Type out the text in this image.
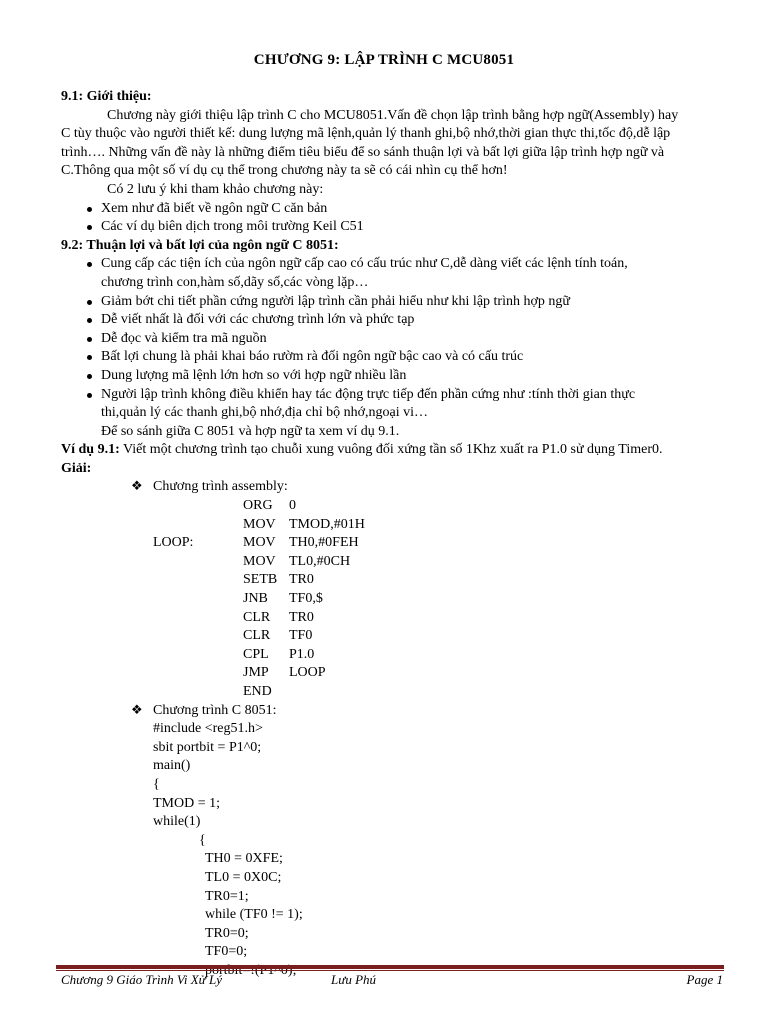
CHƯƠNG 9: LẬP TRÌNH C MCU8051

9.1: Giới thiệu:

Chương này giới thiệu lập trình C cho MCU8051.Vấn đề chọn lập trình bằng hợp ngữ(Assembly) hay

C tùy thuộc vào người thiết kế: dung lượng mã lệnh,quản lý thanh ghi,bộ nhớ,thời gian thực thi,tốc độ,dễ lập

trình…. Những vấn đề này là những điểm tiêu biểu để so sánh thuận lợi và bất lợi giữa lập trình hợp ngữ và

C.Thông qua một số ví dụ cụ thể trong chương này ta sẽ có cái nhìn cụ thể hơn!

Có 2 lưu ý khi tham khảo chương này:

Xem như đã biết về ngôn ngữ C căn bản
Các ví dụ biên dịch trong môi trường Keil C51

9.2: Thuận lợi và bất lợi của ngôn ngữ C 8051:

Cung cấp các tiện ích của ngôn ngữ cấp cao có cấu trúc như C,dễ dàng viết các lệnh tính toán,
chương trình con,hàm số,dãy số,các vòng lặp…
Giảm bớt chi tiết phần cứng người lập trình cần phải hiểu như khi lập trình hợp ngữ
Dễ viết nhất là đối với các chương trình lớn và phức tạp
Dễ đọc và kiểm tra mã nguồn
Bất lợi chung là phải khai báo rườm rà đối ngôn ngữ bậc cao và có cấu trúc
Dung lượng mã lệnh lớn hơn so với hợp ngữ nhiều lần
Người lập trình không điều khiển hay tác động trực tiếp đến phần cứng như :tính thời gian thực
thi,quản lý các thanh ghi,bộ nhớ,địa chỉ bộ nhớ,ngoại vi…

Để so sánh giữa C 8051 và hợp ngữ ta xem ví dụ 9.1.

Ví dụ 9.1: Viết một chương trình tạo chuỗi xung vuông đối xứng tần số 1Khz xuất ra P1.0 sử dụng Timer0.

Giải:

❖ Chương trình assembly:

	ORG	0
	MOV	TMOD,#01H
LOOP:	MOV	TH0,#0FEH
	MOV	TL0,#0CH
	SETB	TR0
	JNB	TF0,$
	CLR	TR0
	CLR	TF0
	CPL	P1.0
	JMP	LOOP
	END	

❖ Chương trình C 8051:

#include <reg51.h>
sbit portbit = P1^0;
main()
{
TMOD = 1;
while(1)
{
TH0 = 0XFE;
TL0 = 0X0C;
TR0=1;
while (TF0 != 1);
TR0=0;
TF0=0;
Chương 9 Giáo Trình Vi Xử Lý	Lưu Phú	Page 1
